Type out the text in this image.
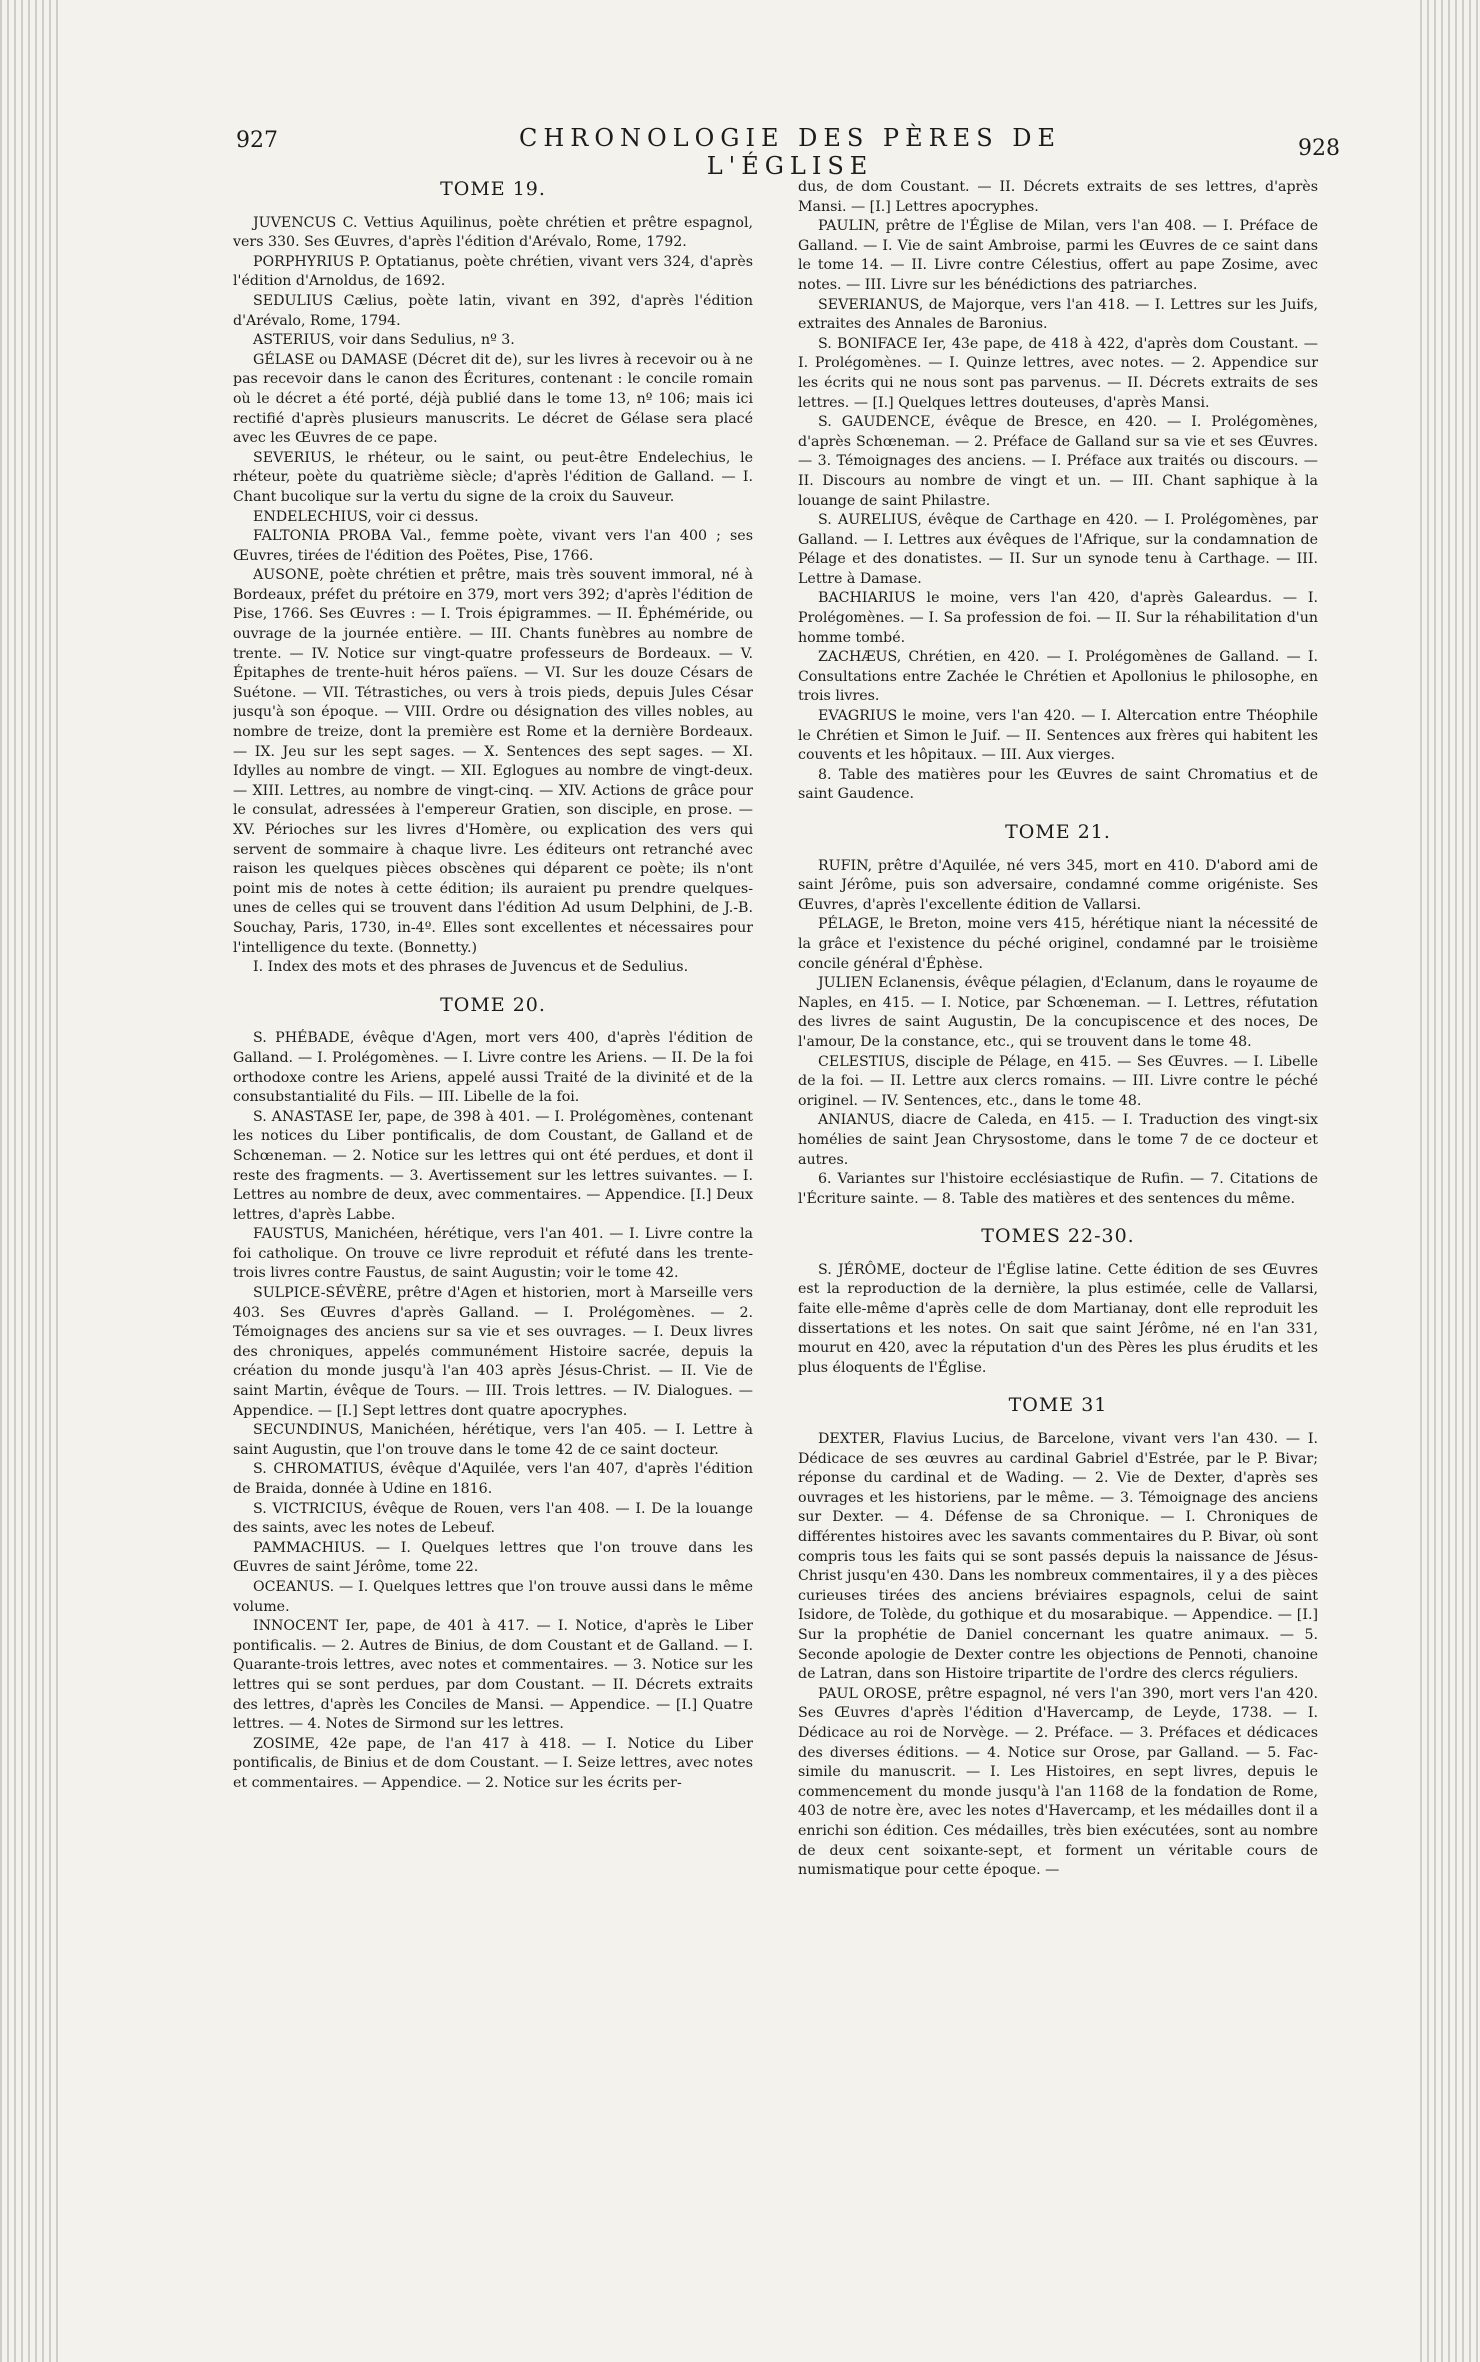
927	CHRONOLOGIE DES PÈRES DE L'ÉGLISE
928
TOME 19.

JUVENCUS C. Vettius Aquilinus, poète chrétien et prêtre espagnol, vers 330. Ses Œuvres, d'après l'édition d'Arévalo, Rome, 1792.

PORPHYRIUS P. Optatianus, poète chrétien, vivant vers 324, d'après l'édition d'Arnoldus, de 1692.

SEDULIUS Cælius, poète latin, vivant en 392, d'après l'édition d'Arévalo, Rome, 1794.

ASTERIUS, voir dans Sedulius, nº 3.

GÉLASE ou DAMASE (Décret dit de), sur les livres à recevoir ou à ne pas recevoir dans le canon des Écritures, contenant : le concile romain où le décret a été porté, déjà publié dans le tome 13, nº 106; mais ici rectifié d'après plusieurs manuscrits. Le décret de Gélase sera placé avec les Œuvres de ce pape.

SEVERIUS, le rhéteur, ou le saint, ou peut-être Endelechius, le rhéteur, poète du quatrième siècle; d'après l'édition de Galland. — I. Chant bucolique sur la vertu du signe de la croix du Sauveur.

ENDELECHIUS, voir ci dessus.

FALTONIA PROBA Val., femme poète, vivant vers l'an 400 ; ses Œuvres, tirées de l'édition des Poëtes, Pise, 1766.

AUSONE, poète chrétien et prêtre, mais très souvent immoral, né à Bordeaux, préfet du prétoire en 379, mort vers 392; d'après l'édition de Pise, 1766. Ses Œuvres : — I. Trois épigrammes. — II. Éphéméride, ou ouvrage de la journée entière. — III. Chants funèbres au nombre de trente. — IV. Notice sur vingt-quatre professeurs de Bordeaux. — V. Épitaphes de trente-huit héros païens. — VI. Sur les douze Césars de Suétone. — VII. Tétrastiches, ou vers à trois pieds, depuis Jules César jusqu'à son époque. — VIII. Ordre ou désignation des villes nobles, au nombre de treize, dont la première est Rome et la dernière Bordeaux. — IX. Jeu sur les sept sages. — X. Sentences des sept sages. — XI. Idylles au nombre de vingt. — XII. Eglogues au nombre de vingt-deux. — XIII. Lettres, au nombre de vingt-cinq. — XIV. Actions de grâce pour le consulat, adressées à l'empereur Gratien, son disciple, en prose. — XV. Périoches sur les livres d'Homère, ou explication des vers qui servent de sommaire à chaque livre. Les éditeurs ont retranché avec raison les quelques pièces obscènes qui déparent ce poète; ils n'ont point mis de notes à cette édition; ils auraient pu prendre quelques-unes de celles qui se trouvent dans l'édition Ad usum Delphini, de J.-B. Souchay, Paris, 1730, in-4º. Elles sont excellentes et nécessaires pour l'intelligence du texte. (Bonnetty.)

I. Index des mots et des phrases de Juvencus et de Sedulius.

TOME 20.

S. PHÉBADE, évêque d'Agen, mort vers 400, d'après l'édition de Galland. — I. Prolégomènes. — I. Livre contre les Ariens. — II. De la foi orthodoxe contre les Ariens, appelé aussi Traité de la divinité et de la consubstantialité du Fils. — III. Libelle de la foi.

S. ANASTASE Ier, pape, de 398 à 401. — I. Prolégomènes, contenant les notices du Liber pontificalis, de dom Coustant, de Galland et de Schœneman. — 2. Notice sur les lettres qui ont été perdues, et dont il reste des fragments. — 3. Avertissement sur les lettres suivantes. — I. Lettres au nombre de deux, avec commentaires. — Appendice. [I.] Deux lettres, d'après Labbe.

FAUSTUS, Manichéen, hérétique, vers l'an 401. — I. Livre contre la foi catholique. On trouve ce livre reproduit et réfuté dans les trente-trois livres contre Faustus, de saint Augustin; voir le tome 42.

SULPICE-SÉVÈRE, prêtre d'Agen et historien, mort à Marseille vers 403. Ses Œuvres d'après Galland. — I. Prolégomènes. — 2. Témoignages des anciens sur sa vie et ses ouvrages. — I. Deux livres des chroniques, appelés communément Histoire sacrée, depuis la création du monde jusqu'à l'an 403 après Jésus-Christ. — II. Vie de saint Martin, évêque de Tours. — III. Trois lettres. — IV. Dialogues. — Appendice. — [I.] Sept lettres dont quatre apocryphes.

SECUNDINUS, Manichéen, hérétique, vers l'an 405. — I. Lettre à saint Augustin, que l'on trouve dans le tome 42 de ce saint docteur.

S. CHROMATIUS, évêque d'Aquilée, vers l'an 407, d'après l'édition de Braida, donnée à Udine en 1816.

S. VICTRICIUS, évêque de Rouen, vers l'an 408. — I. De la louange des saints, avec les notes de Lebeuf.

PAMMACHIUS. — I. Quelques lettres que l'on trouve dans les Œuvres de saint Jérôme, tome 22.

OCEANUS. — I. Quelques lettres que l'on trouve aussi dans le même volume.

INNOCENT Ier, pape, de 401 à 417. — I. Notice, d'après le Liber pontificalis. — 2. Autres de Binius, de dom Coustant et de Galland. — I. Quarante-trois lettres, avec notes et commentaires. — 3. Notice sur les lettres qui se sont perdues, par dom Coustant. — II. Décrets extraits des lettres, d'après les Conciles de Mansi. — Appendice. — [I.] Quatre lettres. — 4. Notes de Sirmond sur les lettres.

ZOSIME, 42e pape, de l'an 417 à 418. — I. Notice du Liber pontificalis, de Binius et de dom Coustant. — I. Seize lettres, avec notes et commentaires. — Appendice. — 2. Notice sur les écrits per-

dus, de dom Coustant. — II. Décrets extraits de ses lettres, d'après Mansi. — [I.] Lettres apocryphes.

PAULIN, prêtre de l'Église de Milan, vers l'an 408. — I. Préface de Galland. — I. Vie de saint Ambroise, parmi les Œuvres de ce saint dans le tome 14. — II. Livre contre Célestius, offert au pape Zosime, avec notes. — III. Livre sur les bénédictions des patriarches.

SEVERIANUS, de Majorque, vers l'an 418. — I. Lettres sur les Juifs, extraites des Annales de Baronius.

S. BONIFACE Ier, 43e pape, de 418 à 422, d'après dom Coustant. — I. Prolégomènes. — I. Quinze lettres, avec notes. — 2. Appendice sur les écrits qui ne nous sont pas parvenus. — II. Décrets extraits de ses lettres. — [I.] Quelques lettres douteuses, d'après Mansi.

S. GAUDENCE, évêque de Bresce, en 420. — I. Prolégomènes, d'après Schœneman. — 2. Préface de Galland sur sa vie et ses Œuvres. — 3. Témoignages des anciens. — I. Préface aux traités ou discours. — II. Discours au nombre de vingt et un. — III. Chant saphique à la louange de saint Philastre.

S. AURELIUS, évêque de Carthage en 420. — I. Prolégomènes, par Galland. — I. Lettres aux évêques de l'Afrique, sur la condamnation de Pélage et des donatistes. — II. Sur un synode tenu à Carthage. — III. Lettre à Damase.

BACHIARIUS le moine, vers l'an 420, d'après Galeardus. — I. Prolégomènes. — I. Sa profession de foi. — II. Sur la réhabilitation d'un homme tombé.

ZACHÆUS, Chrétien, en 420. — I. Prolégomènes de Galland. — I. Consultations entre Zachée le Chrétien et Apollonius le philosophe, en trois livres.

EVAGRIUS le moine, vers l'an 420. — I. Altercation entre Théophile le Chrétien et Simon le Juif. — II. Sentences aux frères qui habitent les couvents et les hôpitaux. — III. Aux vierges.

8. Table des matières pour les Œuvres de saint Chromatius et de saint Gaudence.

TOME 21.

RUFIN, prêtre d'Aquilée, né vers 345, mort en 410. D'abord ami de saint Jérôme, puis son adversaire, condamné comme origéniste. Ses Œuvres, d'après l'excellente édition de Vallarsi.

PÉLAGE, le Breton, moine vers 415, hérétique niant la nécessité de la grâce et l'existence du péché originel, condamné par le troisième concile général d'Éphèse.

JULIEN Eclanensis, évêque pélagien, d'Eclanum, dans le royaume de Naples, en 415. — I. Notice, par Schœneman. — I. Lettres, réfutation des livres de saint Augustin, De la concupiscence et des noces, De l'amour, De la constance, etc., qui se trouvent dans le tome 48.

CELESTIUS, disciple de Pélage, en 415. — Ses Œuvres. — I. Libelle de la foi. — II. Lettre aux clercs romains. — III. Livre contre le péché originel. — IV. Sentences, etc., dans le tome 48.

ANIANUS, diacre de Caleda, en 415. — I. Traduction des vingt-six homélies de saint Jean Chrysostome, dans le tome 7 de ce docteur et autres.

6. Variantes sur l'histoire ecclésiastique de Rufin. — 7. Citations de l'Écriture sainte. — 8. Table des matières et des sentences du même.

TOMES 22-30.

S. JÉRÔME, docteur de l'Église latine. Cette édition de ses Œuvres est la reproduction de la dernière, la plus estimée, celle de Vallarsi, faite elle-même d'après celle de dom Martianay, dont elle reproduit les dissertations et les notes. On sait que saint Jérôme, né en l'an 331, mourut en 420, avec la réputation d'un des Pères les plus érudits et les plus éloquents de l'Église.

TOME 31

DEXTER, Flavius Lucius, de Barcelone, vivant vers l'an 430. — I. Dédicace de ses œuvres au cardinal Gabriel d'Estrée, par le P. Bivar; réponse du cardinal et de Wading. — 2. Vie de Dexter, d'après ses ouvrages et les historiens, par le même. — 3. Témoignage des anciens sur Dexter. — 4. Défense de sa Chronique. — I. Chroniques de différentes histoires avec les savants commentaires du P. Bivar, où sont compris tous les faits qui se sont passés depuis la naissance de Jésus-Christ jusqu'en 430. Dans les nombreux commentaires, il y a des pièces curieuses tirées des anciens bréviaires espagnols, celui de saint Isidore, de Tolède, du gothique et du mosarabique. — Appendice. — [I.] Sur la prophétie de Daniel concernant les quatre animaux. — 5. Seconde apologie de Dexter contre les objections de Pennoti, chanoine de Latran, dans son Histoire tripartite de l'ordre des clercs réguliers.

PAUL OROSE, prêtre espagnol, né vers l'an 390, mort vers l'an 420. Ses Œuvres d'après l'édition d'Havercamp, de Leyde, 1738. — I. Dédicace au roi de Norvège. — 2. Préface. — 3. Préfaces et dédicaces des diverses éditions. — 4. Notice sur Orose, par Galland. — 5. Fac-simile du manuscrit. — I. Les Histoires, en sept livres, depuis le commencement du monde jusqu'à l'an 1168 de la fondation de Rome, 403 de notre ère, avec les notes d'Havercamp, et les médailles dont il a enrichi son édition. Ces médailles, très bien exécutées, sont au nombre de deux cent soixante-sept, et forment un véritable cours de numismatique pour cette époque. —
